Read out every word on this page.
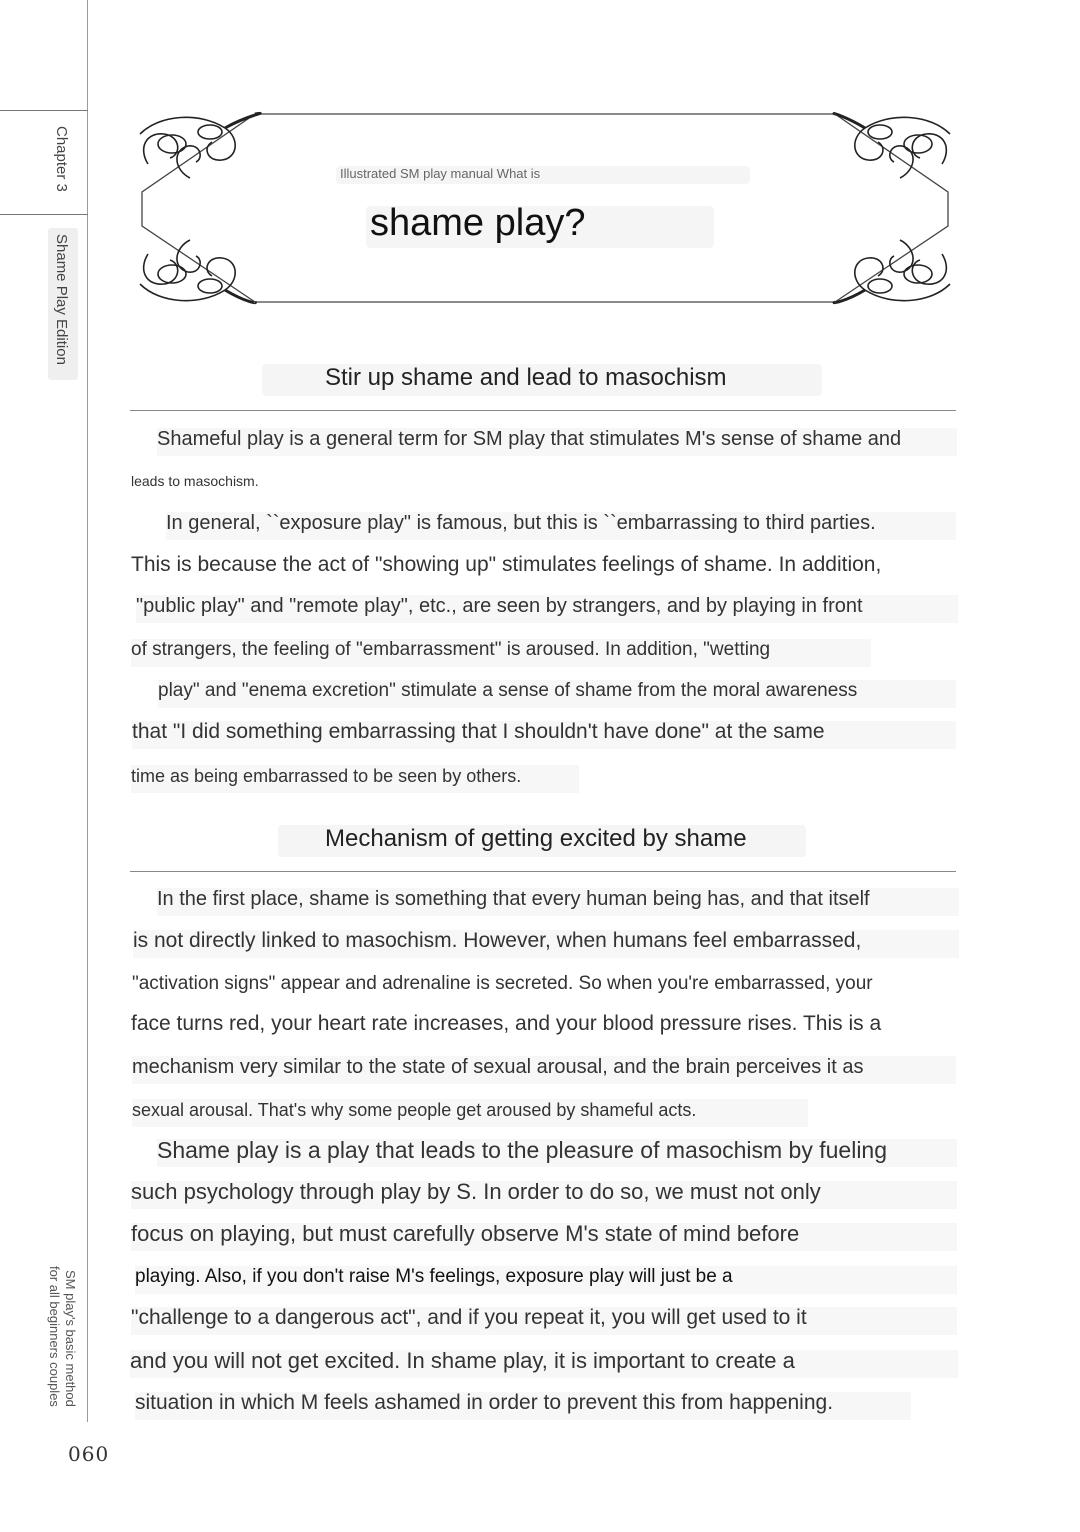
Chapter 3
Shame Play Edition
SM play's basic method
for all beginners couples
060
Illustrated SM play manual What is
shame play?
Stir up shame and lead to masochism
Shameful play is a general term for SM play that stimulates M's sense of shame and
leads to masochism.
In general, ``exposure play" is famous, but this is ``embarrassing to third parties.
This is because the act of "showing up" stimulates feelings of shame. In addition,
"public play" and "remote play", etc., are seen by strangers, and by playing in front
of strangers, the feeling of "embarrassment" is aroused. In addition, "wetting
play" and "enema excretion" stimulate a sense of shame from the moral awareness
that "I did something embarrassing that I shouldn't have done" at the same
time as being embarrassed to be seen by others.
Mechanism of getting excited by shame
In the first place, shame is something that every human being has, and that itself
is not directly linked to masochism. However, when humans feel embarrassed,
"activation signs" appear and adrenaline is secreted. So when you're embarrassed, your
face turns red, your heart rate increases, and your blood pressure rises. This is a
mechanism very similar to the state of sexual arousal, and the brain perceives it as
sexual arousal. That's why some people get aroused by shameful acts.
Shame play is a play that leads to the pleasure of masochism by fueling
such psychology through play by S. In order to do so, we must not only
focus on playing, but must carefully observe M's state of mind before
playing. Also, if you don't raise M's feelings, exposure play will just be a
"challenge to a dangerous act", and if you repeat it, you will get used to it
and you will not get excited. In shame play, it is important to create a
situation in which M feels ashamed in order to prevent this from happening.
